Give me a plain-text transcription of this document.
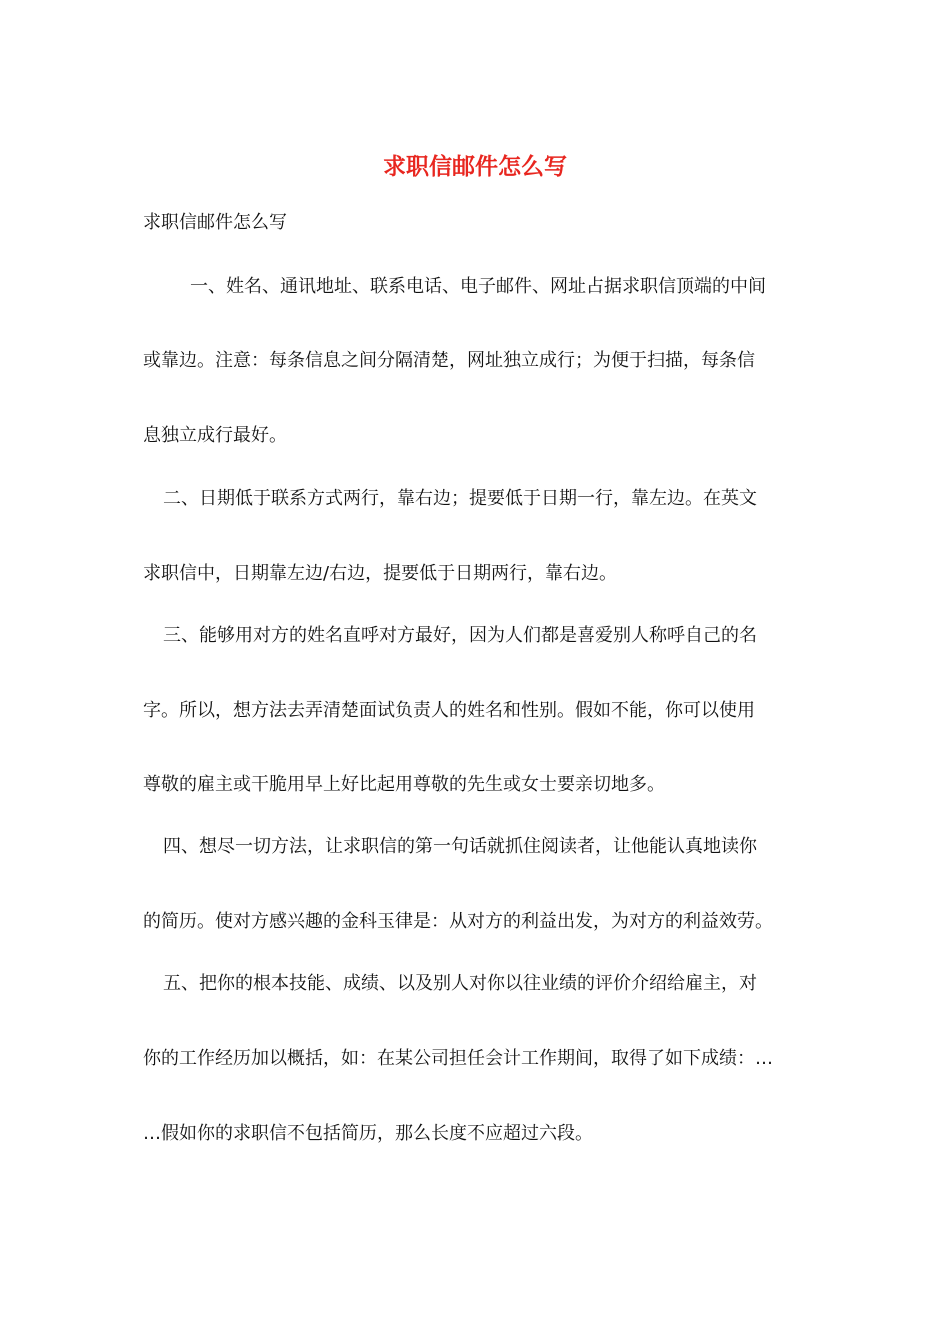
求职信邮件怎么写
求职信邮件怎么写
一、姓名、通讯地址、联系电话、电子邮件、网址占据求职信顶端的中间
或靠边。注意：每条信息之间分隔清楚，网址独立成行；为便于扫描，每条信
息独立成行最好。
二、日期低于联系方式两行，靠右边；提要低于日期一行，靠左边。在英文
求职信中，日期靠左边/右边，提要低于日期两行，靠右边。
三、能够用对方的姓名直呼对方最好，因为人们都是喜爱别人称呼自己的名
字。所以，想方法去弄清楚面试负责人的姓名和性别。假如不能，你可以使用
尊敬的雇主或干脆用早上好比起用尊敬的先生或女士要亲切地多。
四、想尽一切方法，让求职信的第一句话就抓住阅读者，让他能认真地读你
的简历。使对方感兴趣的金科玉律是：从对方的利益出发，为对方的利益效劳。
五、把你的根本技能、成绩、以及别人对你以往业绩的评价介绍给雇主，对
你的工作经历加以概括，如：在某公司担任会计工作期间，取得了如下成绩：…
…假如你的求职信不包括简历，那么长度不应超过六段。
